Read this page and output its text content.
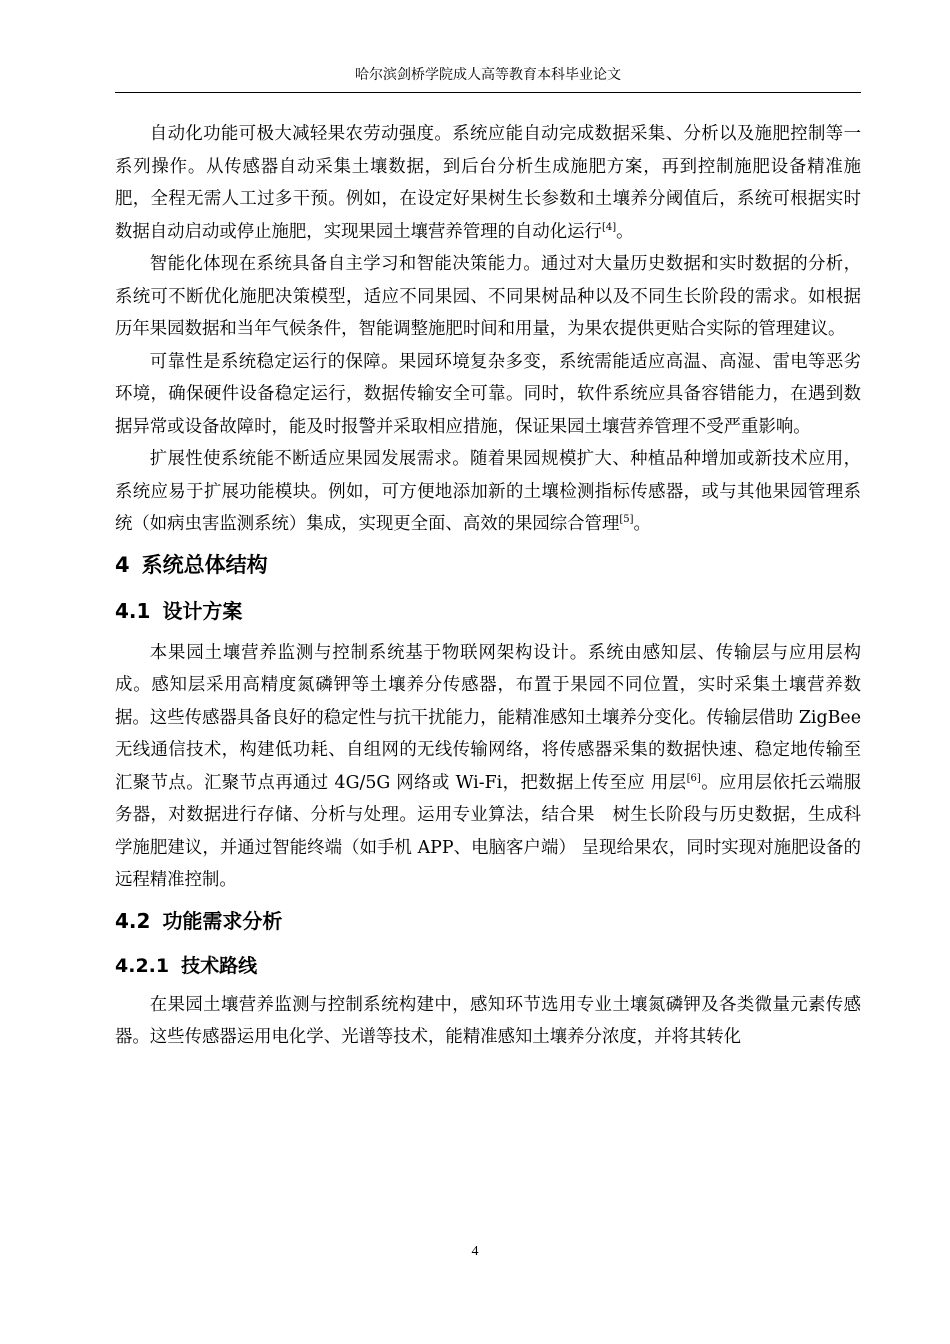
哈尔滨剑桥学院成人高等教育本科毕业论文

自动化功能可极大减轻果农劳动强度。系统应能自动完成数据采集、分析以及施肥控制等一系列操作。从传感器自动采集土壤数据，到后台分析生成施肥方案，再到控制施肥设备精准施肥，全程无需人工过多干预。例如，在设定好果树生长参数和土壤养分阈值后，系统可根据实时数据自动启动或停止施肥，实现果园土壤营养管理的自动化运行[4]。

智能化体现在系统具备自主学习和智能决策能力。通过对大量历史数据和实时数据的分析，系统可不断优化施肥决策模型，适应不同果园、不同果树品种以及不同生长阶段的需求。如根据历年果园数据和当年气候条件，智能调整施肥时间和用量，为果农提供更贴合实际的管理建议。

可靠性是系统稳定运行的保障。果园环境复杂多变，系统需能适应高温、高湿、雷电等恶劣环境，确保硬件设备稳定运行，数据传输安全可靠。同时，软件系统应具备容错能力，在遇到数据异常或设备故障时，能及时报警并采取相应措施，保证果园土壤营养管理不受严重影响。

扩展性使系统能不断适应果园发展需求。随着果园规模扩大、种植品种增加或新技术应用，系统应易于扩展功能模块。例如，可方便地添加新的土壤检测指标传感器，或与其他果园管理系统（如病虫害监测系统）集成，实现更全面、高效的果园综合管理[5]。

4 系统总体结构
4.1 设计方案

本果园土壤营养监测与控制系统基于物联网架构设计。系统由感知层、传输层与应用层构成。感知层采用高精度氮磷钾等土壤养分传感器，布置于果园不同位置，实时采集土壤营养数据。这些传感器具备良好的稳定性与抗干扰能力，能精准感知土壤养分变化。传输层借助 ZigBee 无线通信技术，构建低功耗、自组网的无线传输网络，将传感器采集的数据快速、稳定地传输至汇聚节点。汇聚节点再通过 4G/5G 网络或 Wi-Fi，把数据上传至应 用层[6]。应用层依托云端服务器，对数据进行存储、分析与处理。运用专业算法，结合果　树生长阶段与历史数据，生成科学施肥建议，并通过智能终端（如手机 APP、电脑客户端） 呈现给果农，同时实现对施肥设备的远程精准控制。

4.2 功能需求分析
4.2.1 技术路线

在果园土壤营养监测与控制系统构建中，感知环节选用专业土壤氮磷钾及各类微量元素传感器。这些传感器运用电化学、光谱等技术，能精准感知土壤养分浓度，并将其转化

4
